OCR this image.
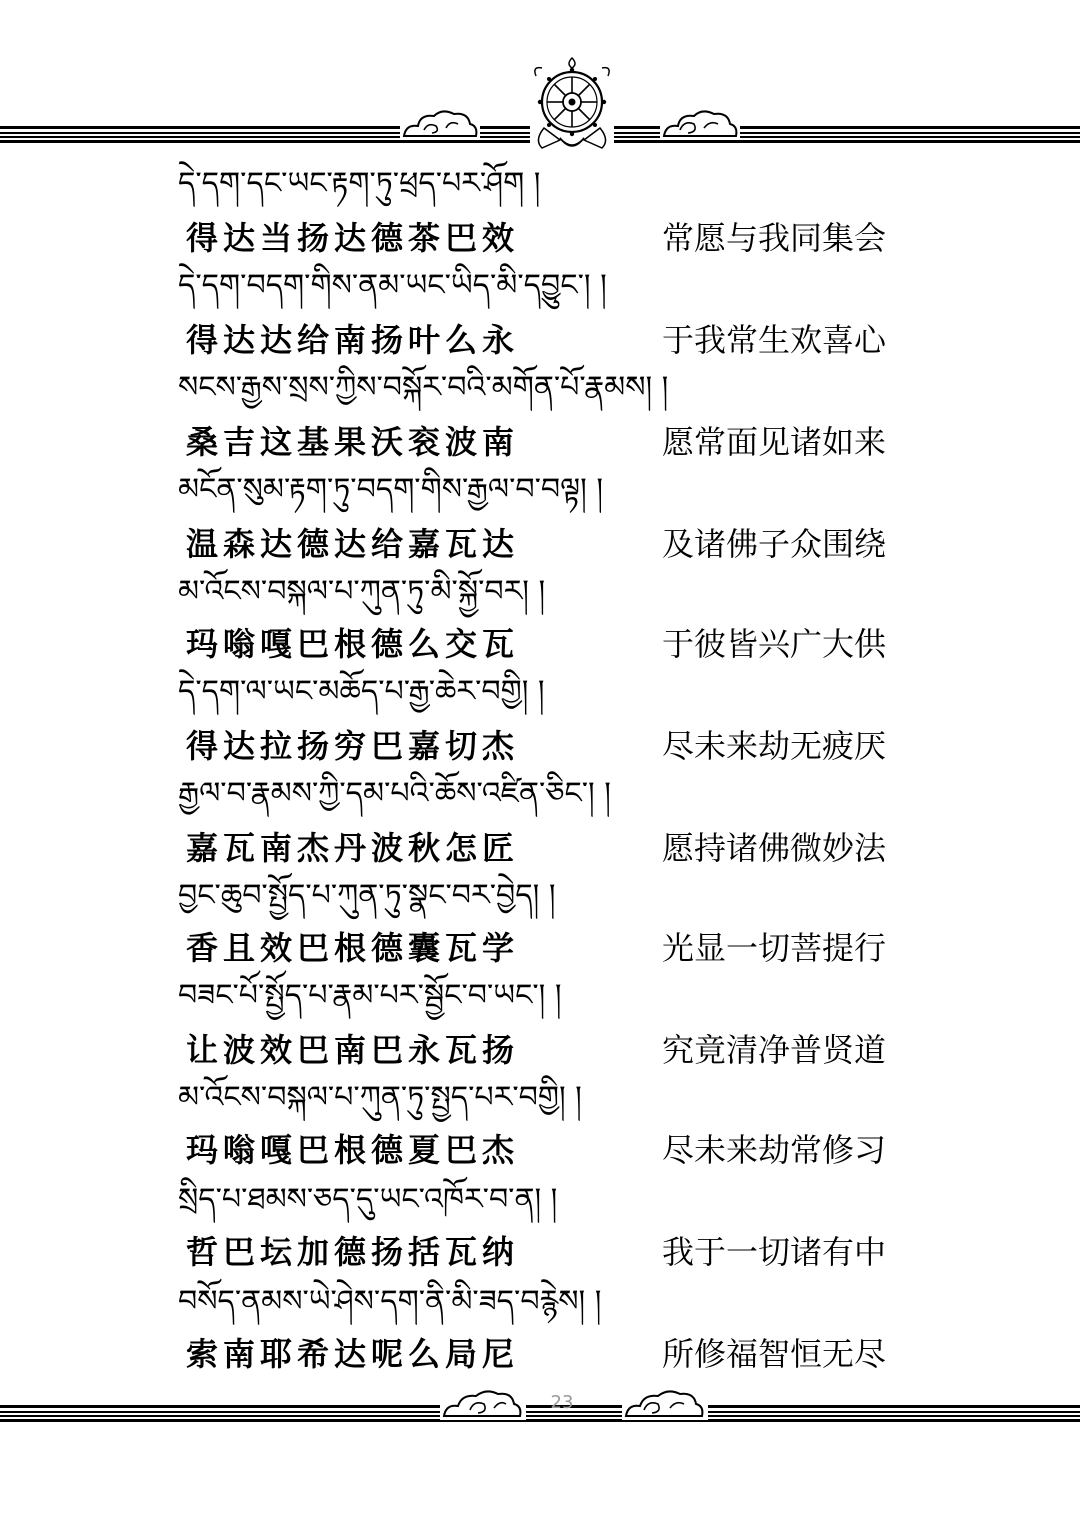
23
དེ་དག་དང་ཡང་རྟག་ཏུ་ཕྲད་པར་ཤོག །
得达当扬达德茶巴效	常愿与我同集会
དེ་དག་བདག་གིས་ནམ་ཡང་ཡིད་མི་དབྱུང་། །
得达达给南扬叶么永	于我常生欢喜心
སངས་རྒྱས་སྲས་ཀྱིས་བསྐོར་བའི་མགོན་པོ་རྣམས། །
桑吉这基果沃衮波南	愿常面见诸如来
མངོན་སུམ་རྟག་ཏུ་བདག་གིས་རྒྱལ་བ་བལྟ། །
温森达德达给嘉瓦达	及诸佛子众围绕
མ་འོངས་བསྐལ་པ་ཀུན་ཏུ་མི་སྐྱོ་བར། །
玛嗡嘎巴根德么交瓦	于彼皆兴广大供
དེ་དག་ལ་ཡང་མཆོད་པ་རྒྱ་ཆེར་བགྱི། །
得达拉扬穷巴嘉切杰	尽未来劫无疲厌
རྒྱལ་བ་རྣམས་ཀྱི་དམ་པའི་ཆོས་འཛིན་ཅིང་། །
嘉瓦南杰丹波秋怎匠	愿持诸佛微妙法
བྱང་ཆུབ་སྤྱོད་པ་ཀུན་ཏུ་སྣང་བར་བྱེད། །
香且效巴根德囊瓦学	光显一切菩提行
བཟང་པོ་སྤྱོད་པ་རྣམ་པར་སྦྱོང་བ་ཡང་། །
让波效巴南巴永瓦扬	究竟清净普贤道
མ་འོངས་བསྐལ་པ་ཀུན་ཏུ་སྤྱད་པར་བགྱི། །
玛嗡嘎巴根德夏巴杰	尽未来劫常修习
སྲིད་པ་ཐམས་ཅད་དུ་ཡང་འཁོར་བ་ན། །
哲巴坛加德扬括瓦纳	我于一切诸有中
བསོད་ནམས་ཡེ་ཤེས་དག་ནི་མི་ཟད་བརྙེས། །
索南耶希达呢么局尼	所修福智恒无尽
